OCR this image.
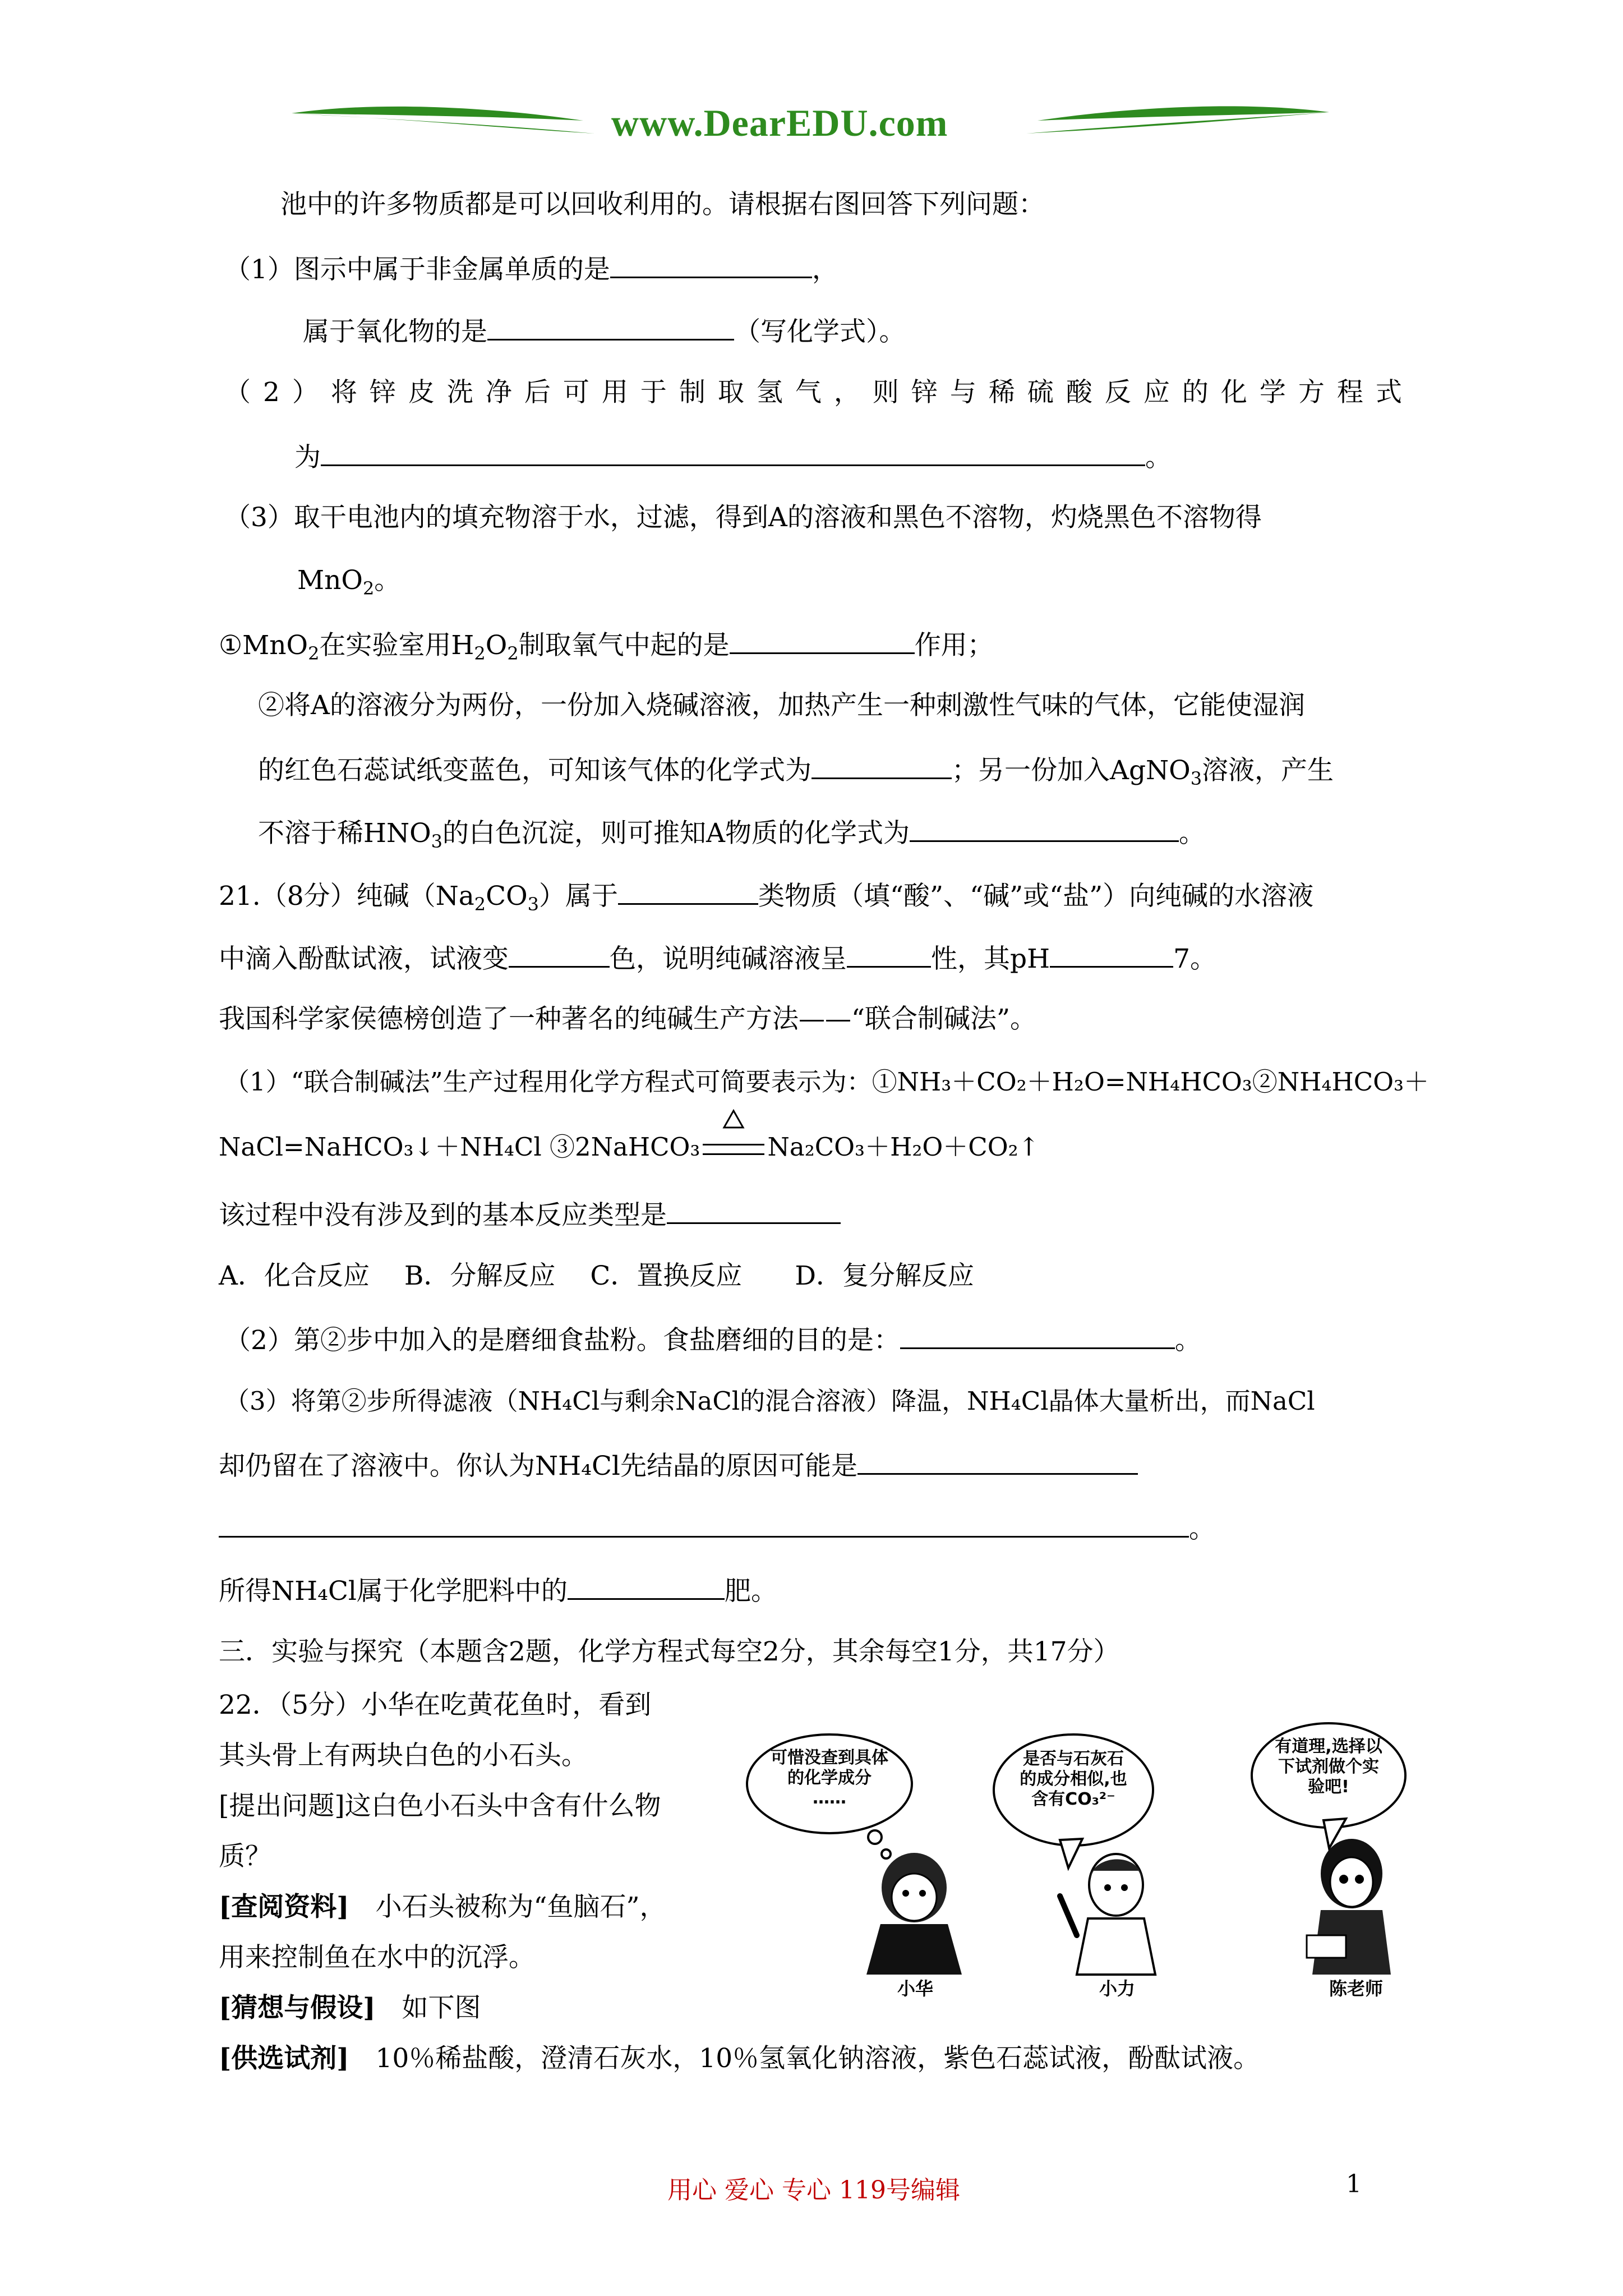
www.DearEDU.com
池中的许多物质都是可以回收利用的。请根据右图回答下列问题：
（1）图示中属于非金属单质的是	，
属于氧化物的是	（写化学式）。
（2）将锌皮洗净后可用于制取氢气，则锌与稀硫酸反应的化学方程式
为	。
（3）取干电池内的填充物溶于水，过滤，得到A的溶液和黑色不溶物，灼烧黑色不溶物得
MnO$_2$。
①MnO$_2$在实验室用$H_2O_2$制取氧气中起的是	作用；
②将A的溶液分为两份，一份加入烧碱溶液，加热产生一种刺激性气味的气体，它能使湿润
的红色石蕊试纸变蓝色，可知该气体的化学式为	；另一份加入AgNO$_3$溶液，产生
不溶于稀$HNO_3$的白色沉淀，则可推知A物质的化学式为	。
21.（8分）纯碱$(Na_2CO_3)$属于	类物质（填“酸”、“碱”或“盐”）向纯碱的水溶液
中滴入酚酞试液，试液变	色，说明纯碱溶液呈	性，其pH	7。
我国科学家侯德榜创造了一种著名的纯碱生产方法——“联合制碱法”。
（1）“联合制碱法”生产过程用化学方程式可简要表示为：①NH₃＋CO₂＋H₂O=NH₄HCO₃②NH₄HCO₃＋
NaCl=NaHCO₃↓＋NH₄Cl ③2NaHCO₃	Na₂CO₃＋H₂O＋CO₂↑
该过程中没有涉及到的基本反应类型是
A．化合反应　 B．分解反应　 C．置换反应　　D．复分解反应
（2）第②步中加入的是磨细食盐粉。食盐磨细的目的是：	。
（3）将第②步所得滤液（NH₄Cl与剩余NaCl的混合溶液）降温，NH₄Cl晶体大量析出，而NaCl
却仍留在了溶液中。你认为NH₄Cl先结晶的原因可能是
。
所得NH₄Cl属于化学肥料中的	肥。
三．实验与探究（本题含2题，化学方程式每空2分，其余每空1分，共17分）
22．（5分）小华在吃黄花鱼时，看到
其头骨上有两块白色的小石头。
[提出问题]这白色小石头中含有什么物
质？
[查阅资料]　小石头被称为“鱼脑石”，
用来控制鱼在水中的沉浮。
[猜想与假设]　如下图
[供选试剂]　10％稀盐酸，澄清石灰水，10％氢氧化钠溶液，紫色石蕊试液，酚酞试液。
可惜没查到具体
的化学成分
……
是否与石灰石
的成分相似,也
含有CO₃²⁻
有道理,选择以
下试剂做个实
验吧!
小华	小力	陈老师
用心 爱心 专心 119号编辑	1
